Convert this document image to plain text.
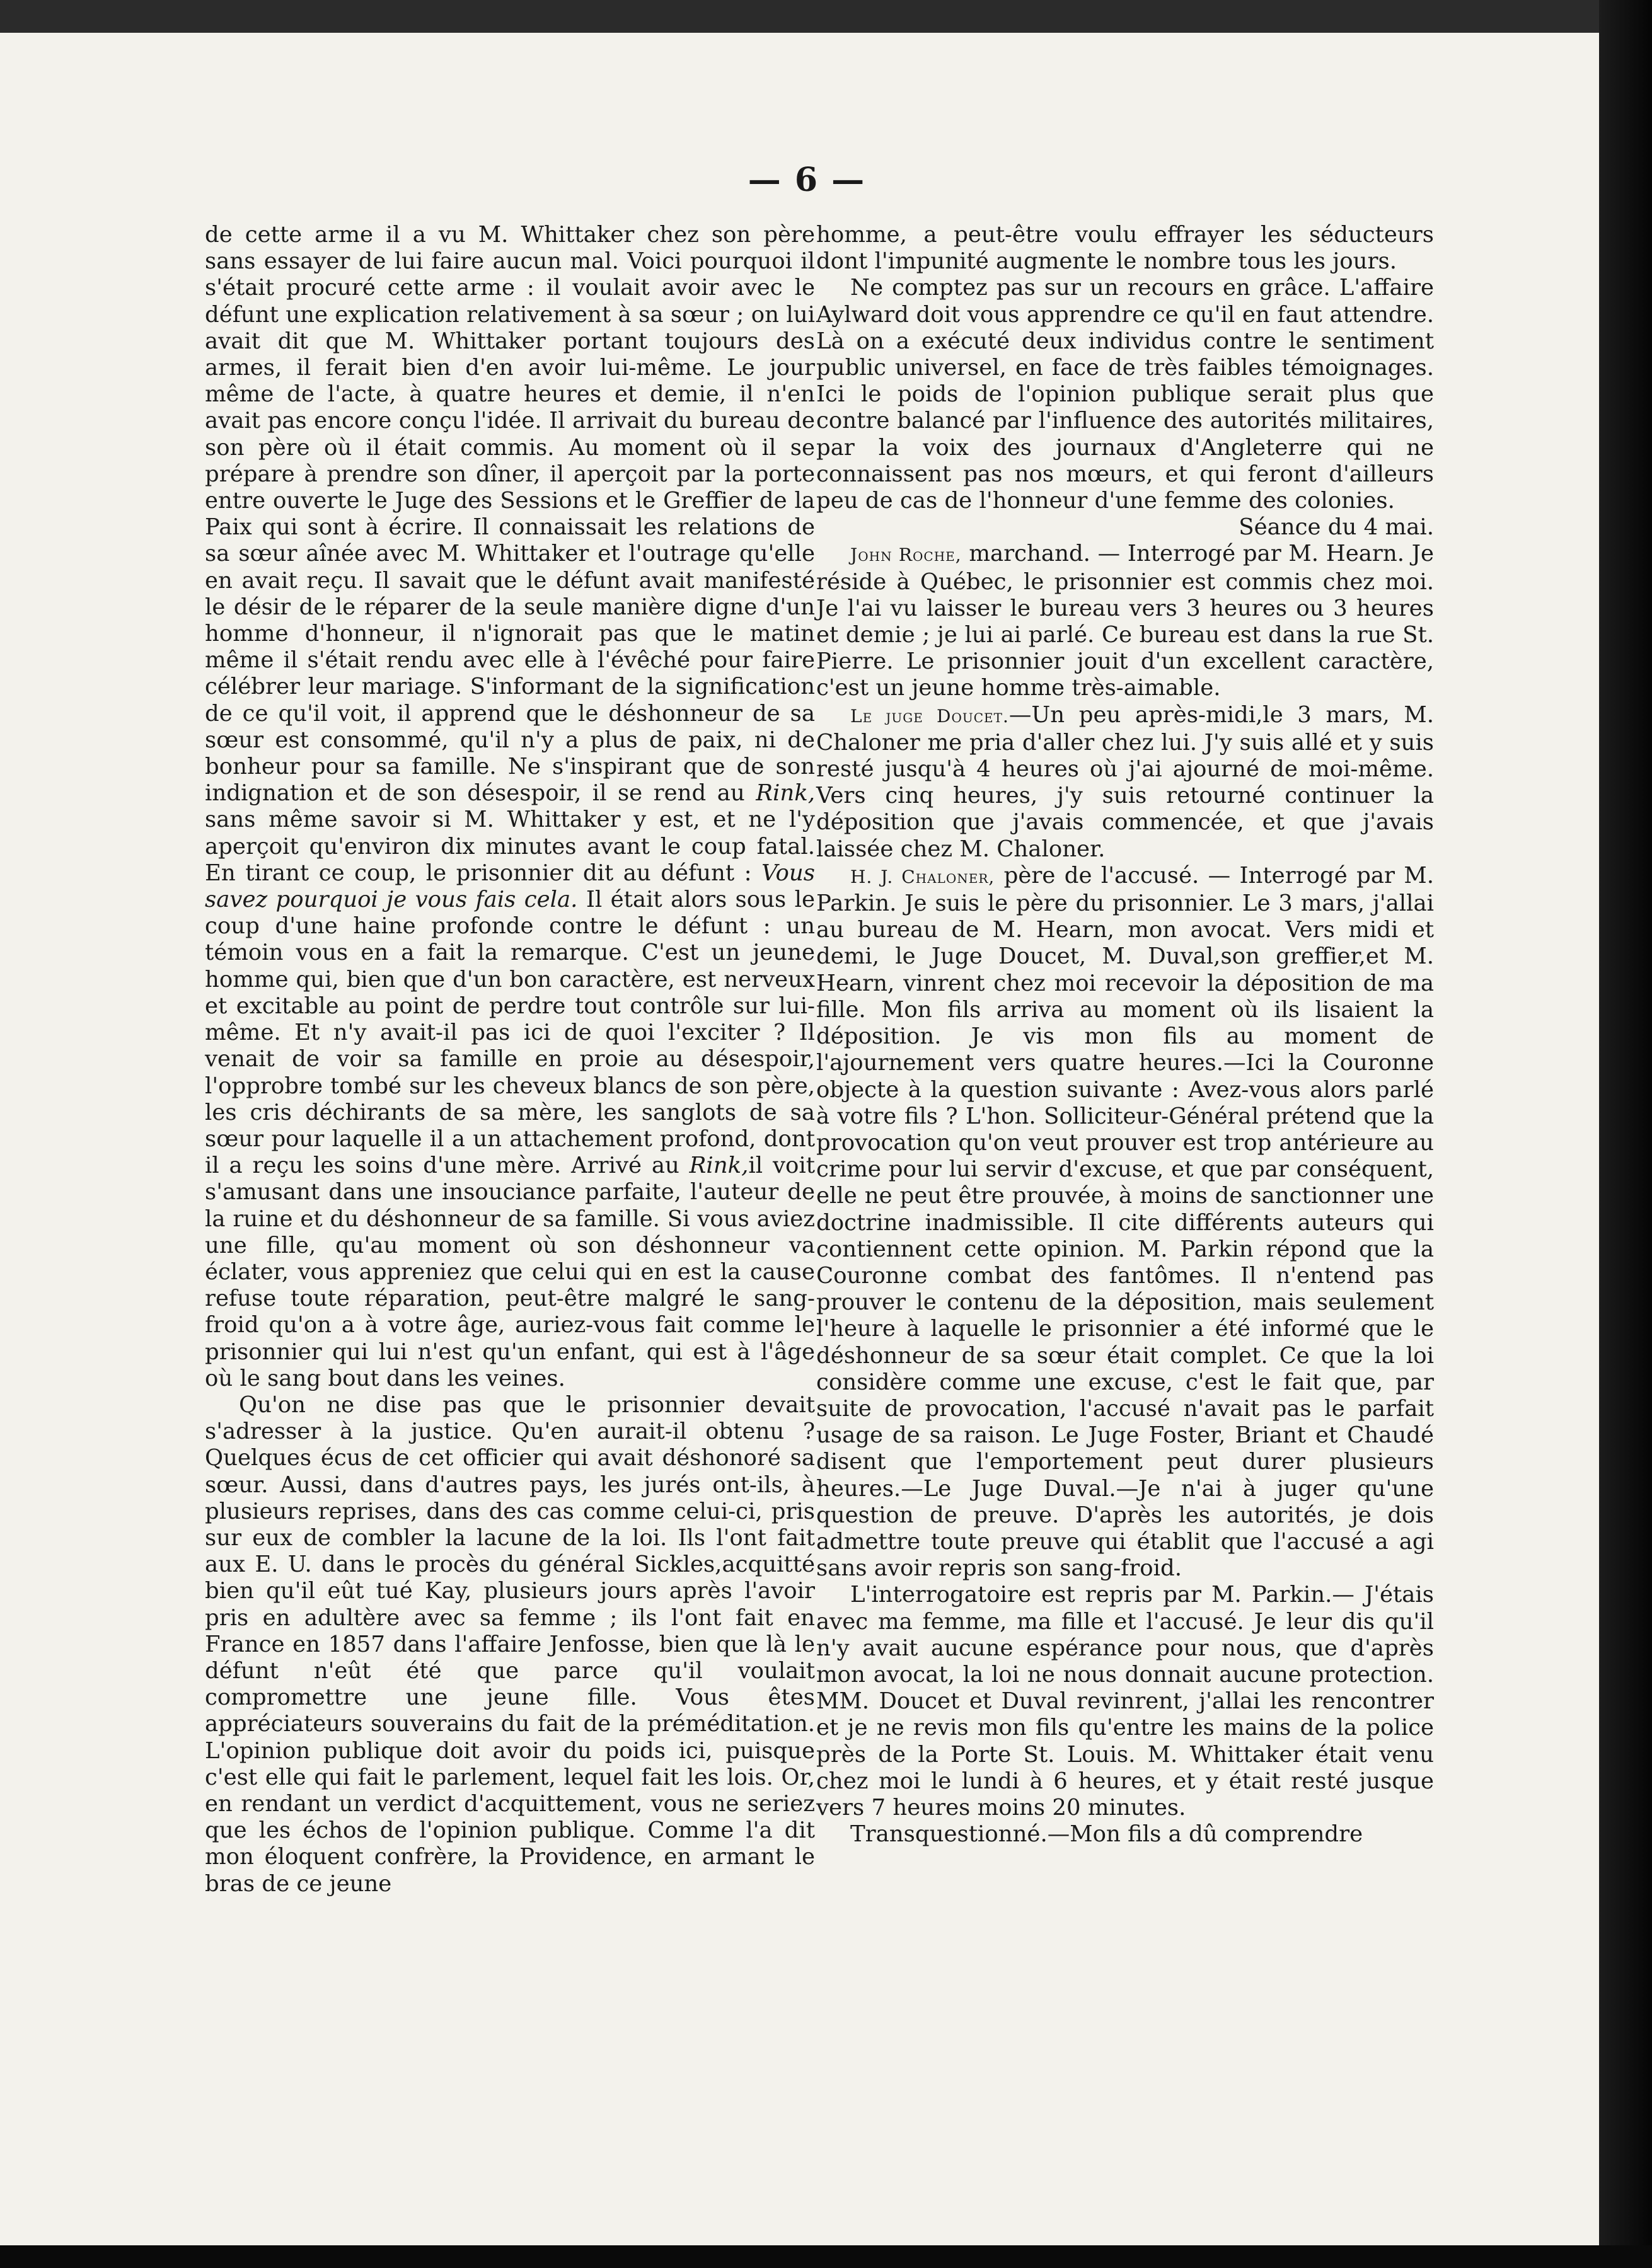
— 6 —

de cette arme il a vu M. Whittaker chez son père sans essayer de lui faire aucun mal. Voici pourquoi il s'était procuré cette arme : il voulait avoir avec le défunt une explication relativement à sa sœur ; on lui avait dit que M. Whittaker portant toujours des armes, il ferait bien d'en avoir lui-même. Le jour même de l'acte, à quatre heures et demie, il n'en avait pas encore conçu l'idée. Il arrivait du bureau de son père où il était commis. Au moment où il se prépare à prendre son dîner, il aperçoit par la porte entre ouverte le Juge des Sessions et le Greffier de la Paix qui sont à écrire. Il connaissait les relations de sa sœur aînée avec M. Whittaker et l'outrage qu'elle en avait reçu. Il savait que le défunt avait manifesté le désir de le réparer de la seule manière digne d'un homme d'honneur, il n'ignorait pas que le matin même il s'était rendu avec elle à l'évêché pour faire célébrer leur mariage. S'informant de la signification de ce qu'il voit, il apprend que le déshonneur de sa sœur est consommé, qu'il n'y a plus de paix, ni de bonheur pour sa famille. Ne s'inspirant que de son indignation et de son désespoir, il se rend au Rink, sans même savoir si M. Whittaker y est, et ne l'y aperçoit qu'environ dix minutes avant le coup fatal. En tirant ce coup, le prisonnier dit au défunt : Vous savez pourquoi je vous fais cela. Il était alors sous le coup d'une haine profonde contre le défunt : un témoin vous en a fait la remarque. C'est un jeune homme qui, bien que d'un bon caractère, est nerveux et excitable au point de perdre tout contrôle sur lui-même. Et n'y avait-il pas ici de quoi l'exciter ? Il venait de voir sa famille en proie au désespoir, l'opprobre tombé sur les cheveux blancs de son père, les cris déchirants de sa mère, les sanglots de sa sœur pour laquelle il a un attachement profond, dont il a reçu les soins d'une mère. Arrivé au Rink,il voit s'amusant dans une insouciance parfaite, l'auteur de la ruine et du déshonneur de sa famille. Si vous aviez une fille, qu'au moment où son déshonneur va éclater, vous appreniez que celui qui en est la cause refuse toute réparation, peut-être malgré le sang-froid qu'on a à votre âge, auriez-vous fait comme le prisonnier qui lui n'est qu'un enfant, qui est à l'âge où le sang bout dans les veines.

Qu'on ne dise pas que le prisonnier devait s'adresser à la justice. Qu'en aurait-il obtenu ? Quelques écus de cet officier qui avait déshonoré sa sœur. Aussi, dans d'autres pays, les jurés ont-ils, à plusieurs reprises, dans des cas comme celui-ci, pris sur eux de combler la lacune de la loi. Ils l'ont fait aux E. U. dans le procès du général Sickles,acquitté bien qu'il eût tué Kay, plusieurs jours après l'avoir pris en adultère avec sa femme ; ils l'ont fait en France en 1857 dans l'affaire Jenfosse, bien que là le défunt n'eût été que parce qu'il voulait compromettre une jeune fille. Vous êtes appréciateurs souverains du fait de la préméditation. L'opinion publique doit avoir du poids ici, puisque c'est elle qui fait le parlement, lequel fait les lois. Or, en rendant un verdict d'acquittement, vous ne seriez que les échos de l'opinion publique. Comme l'a dit mon éloquent confrère, la Providence, en armant le bras de ce jeune

homme, a peut-être voulu effrayer les séducteurs dont l'impunité augmente le nombre tous les jours.

Ne comptez pas sur un recours en grâce. L'affaire Aylward doit vous apprendre ce qu'il en faut attendre. Là on a exécuté deux individus contre le sentiment public universel, en face de très faibles témoignages. Ici le poids de l'opinion publique serait plus que contre balancé par l'influence des autorités militaires, par la voix des journaux d'Angleterre qui ne connaissent pas nos mœurs, et qui feront d'ailleurs peu de cas de l'honneur d'une femme des colonies.

Séance du 4 mai.

John Roche, marchand. — Interrogé par M. Hearn. Je réside à Québec, le prisonnier est commis chez moi. Je l'ai vu laisser le bureau vers 3 heures ou 3 heures et demie ; je lui ai parlé. Ce bureau est dans la rue St. Pierre. Le prisonnier jouit d'un excellent caractère, c'est un jeune homme très-aimable.

Le juge Doucet.—Un peu après-midi,le 3 mars, M. Chaloner me pria d'aller chez lui. J'y suis allé et y suis resté jusqu'à 4 heures où j'ai ajourné de moi-même. Vers cinq heures, j'y suis retourné continuer la déposition que j'avais commencée, et que j'avais laissée chez M. Chaloner.

H. J. Chaloner, père de l'accusé. — Interrogé par M. Parkin. Je suis le père du prisonnier. Le 3 mars, j'allai au bureau de M. Hearn, mon avocat. Vers midi et demi, le Juge Doucet, M. Duval,son greffier,et M. Hearn, vinrent chez moi recevoir la déposition de ma fille. Mon fils arriva au moment où ils lisaient la déposition. Je vis mon fils au moment de l'ajournement vers quatre heures.—Ici la Couronne objecte à la question suivante : Avez-vous alors parlé à votre fils ? L'hon. Solliciteur-Général prétend que la provocation qu'on veut prouver est trop antérieure au crime pour lui servir d'excuse, et que par conséquent, elle ne peut être prouvée, à moins de sanctionner une doctrine inadmissible. Il cite différents auteurs qui contiennent cette opinion. M. Parkin répond que la Couronne combat des fantômes. Il n'entend pas prouver le contenu de la déposition, mais seulement l'heure à laquelle le prisonnier a été informé que le déshonneur de sa sœur était complet. Ce que la loi considère comme une excuse, c'est le fait que, par suite de provocation, l'accusé n'avait pas le parfait usage de sa raison. Le Juge Foster, Briant et Chaudé disent que l'emportement peut durer plusieurs heures.—Le Juge Duval.—Je n'ai à juger qu'une question de preuve. D'après les autorités, je dois admettre toute preuve qui établit que l'accusé a agi sans avoir repris son sang-froid.

L'interrogatoire est repris par M. Parkin.— J'étais avec ma femme, ma fille et l'accusé. Je leur dis qu'il n'y avait aucune espérance pour nous, que d'après mon avocat, la loi ne nous donnait aucune protection. MM. Doucet et Duval revinrent, j'allai les rencontrer et je ne revis mon fils qu'entre les mains de la police près de la Porte St. Louis. M. Whittaker était venu chez moi le lundi à 6 heures, et y était resté jusque vers 7 heures moins 20 minutes.

Transquestionné.—Mon fils a dû comprendre
